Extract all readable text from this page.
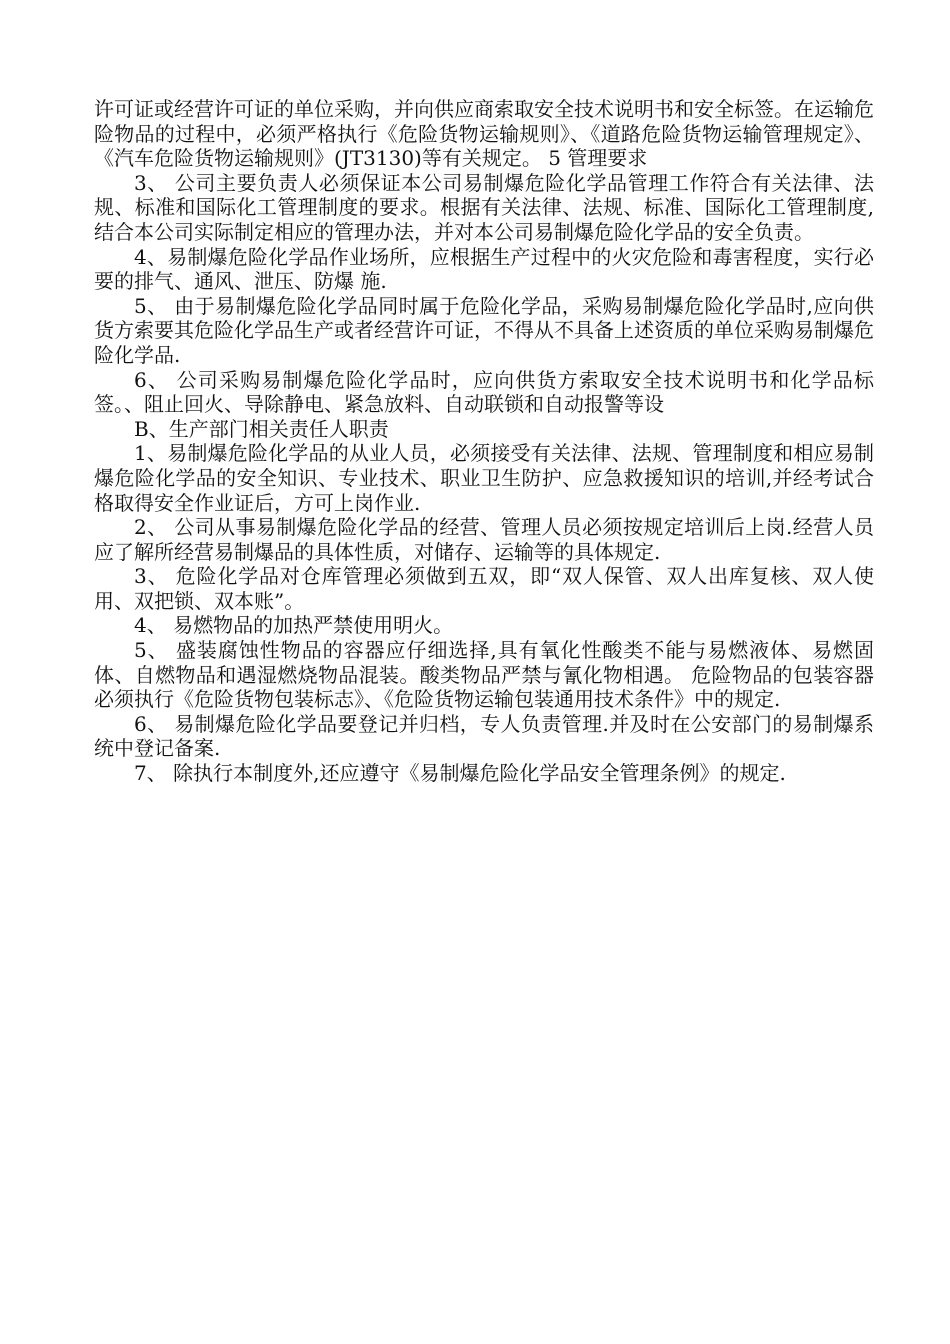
许可证或经营许可证的单位采购，并向供应商索取安全技术说明书和安全标签。在运输危险物品的过程中，必须严格执行《危险货物运输规则》、《道路危险货物运输管理规定》、《汽车危险货物运输规则》(JT3130)等有关规定。 5 管理要求

3、 公司主要负责人必须保证本公司易制爆危险化学品管理工作符合有关法律、法规、标准和国际化工管理制度的要求。根据有关法律、法规、标准、国际化工管理制度,结合本公司实际制定相应的管理办法，并对本公司易制爆危险化学品的安全负责。

4、易制爆危险化学品作业场所，应根据生产过程中的火灾危险和毒害程度，实行必要的排气、通风、泄压、防爆 施.

5、 由于易制爆危险化学品同时属于危险化学品，采购易制爆危险化学品时,应向供货方索要其危险化学品生产或者经营许可证，不得从不具备上述资质的单位采购易制爆危险化学品.

6、 公司采购易制爆危险化学品时，应向供货方索取安全技术说明书和化学品标签。、阻止回火、导除静电、紧急放料、自动联锁和自动报警等设

B、生产部门相关责任人职责

1、易制爆危险化学品的从业人员，必须接受有关法律、法规、管理制度和相应易制爆危险化学品的安全知识、专业技术、职业卫生防护、应急救援知识的培训,并经考试合格取得安全作业证后，方可上岗作业.

2、 公司从事易制爆危险化学品的经营、管理人员必须按规定培训后上岗.经营人员应了解所经营易制爆品的具体性质，对储存、运输等的具体规定.

3、 危险化学品对仓库管理必须做到五双，即“双人保管、双人出库复核、双人使用、双把锁、双本账”。

4、 易燃物品的加热严禁使用明火。

5、 盛装腐蚀性物品的容器应仔细选择,具有氧化性酸类不能与易燃液体、易燃固体、自燃物品和遇湿燃烧物品混装。酸类物品严禁与氰化物相遇。 危险物品的包装容器必须执行《危险货物包装标志》、《危险货物运输包装通用技术条件》中的规定.

6、 易制爆危险化学品要登记并归档，专人负责管理.并及时在公安部门的易制爆系统中登记备案.

7、 除执行本制度外,还应遵守《易制爆危险化学品安全管理条例》的规定.
